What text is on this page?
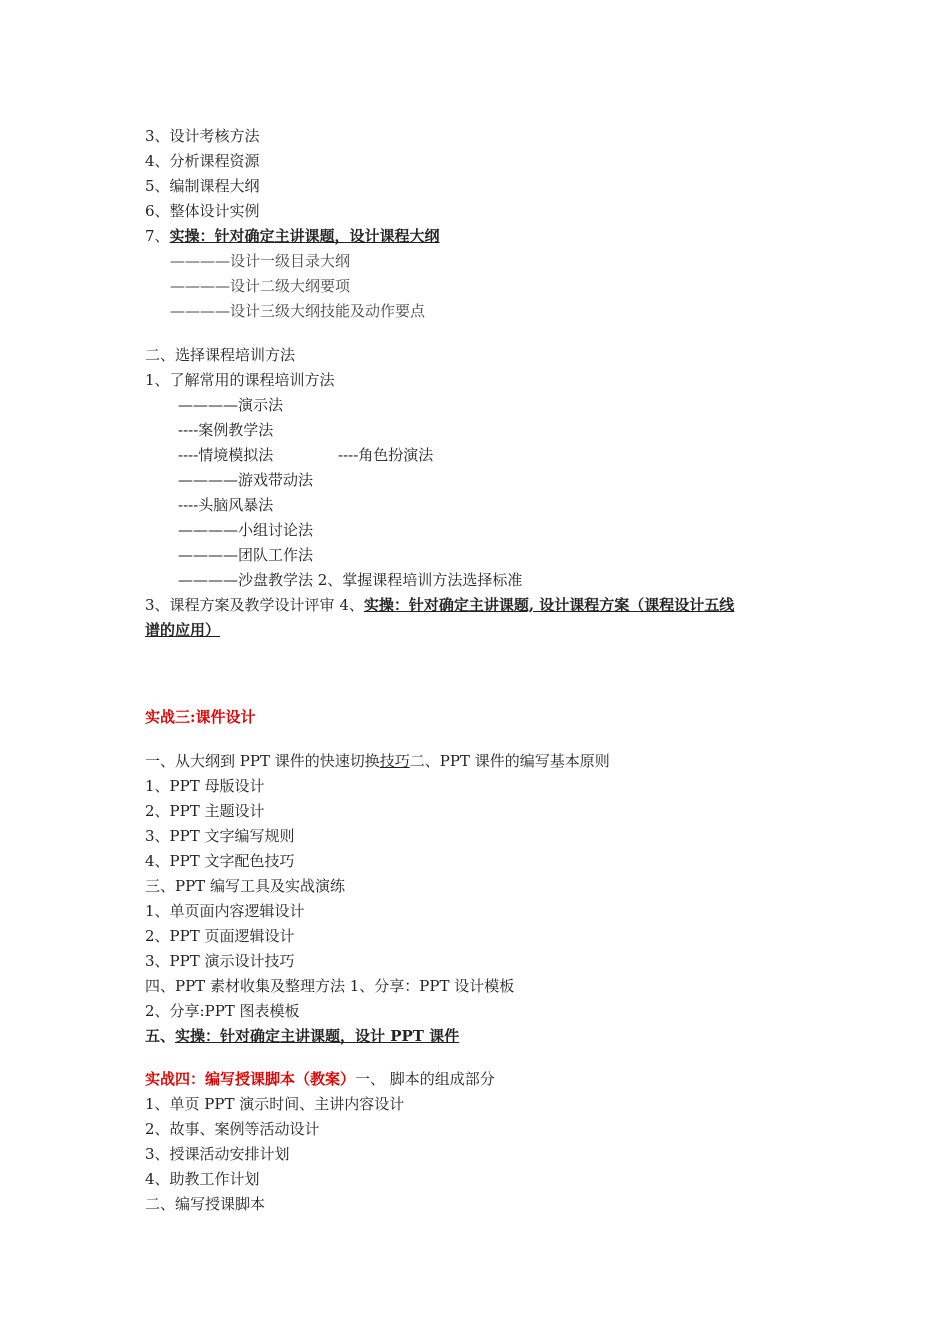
3、设计考核方法
4、分析课程资源
5、编制课程大纲
6、整体设计实例
7、实操：针对确定主讲课题，设计课程大纲
————设计一级目录大纲
————设计二级大纲要项
————设计三级大纲技能及动作要点
二、选择课程培训方法
1、了解常用的课程培训方法
————演示法
----案例教学法
----情境模拟法	----角色扮演法
————游戏带动法
----头脑风暴法
————小组讨论法
————团队工作法
————沙盘教学法 2、掌握课程培训方法选择标准
3、课程方案及教学设计评审 4、实操：针对确定主讲课题, 设计课程方案（课程设计五线
谱的应用）
实战三:课件设计
一、从大纲到 PPT 课件的快速切换技巧二、PPT 课件的编写基本原则
1、PPT 母版设计
2、PPT 主题设计
3、PPT 文字编写规则
4、PPT 文字配色技巧
三、PPT 编写工具及实战演练
1、单页面内容逻辑设计
2、PPT 页面逻辑设计
3、PPT 演示设计技巧
四、PPT 素材收集及整理方法 1、分享：PPT 设计模板
2、分享:PPT 图表模板
五、实操：针对确定主讲课题，设计 PPT 课件
实战四：编写授课脚本（教案）一、 脚本的组成部分
1、单页 PPT 演示时间、主讲内容设计
2、故事、案例等活动设计
3、授课活动安排计划
4、助教工作计划
二、编写授课脚本
